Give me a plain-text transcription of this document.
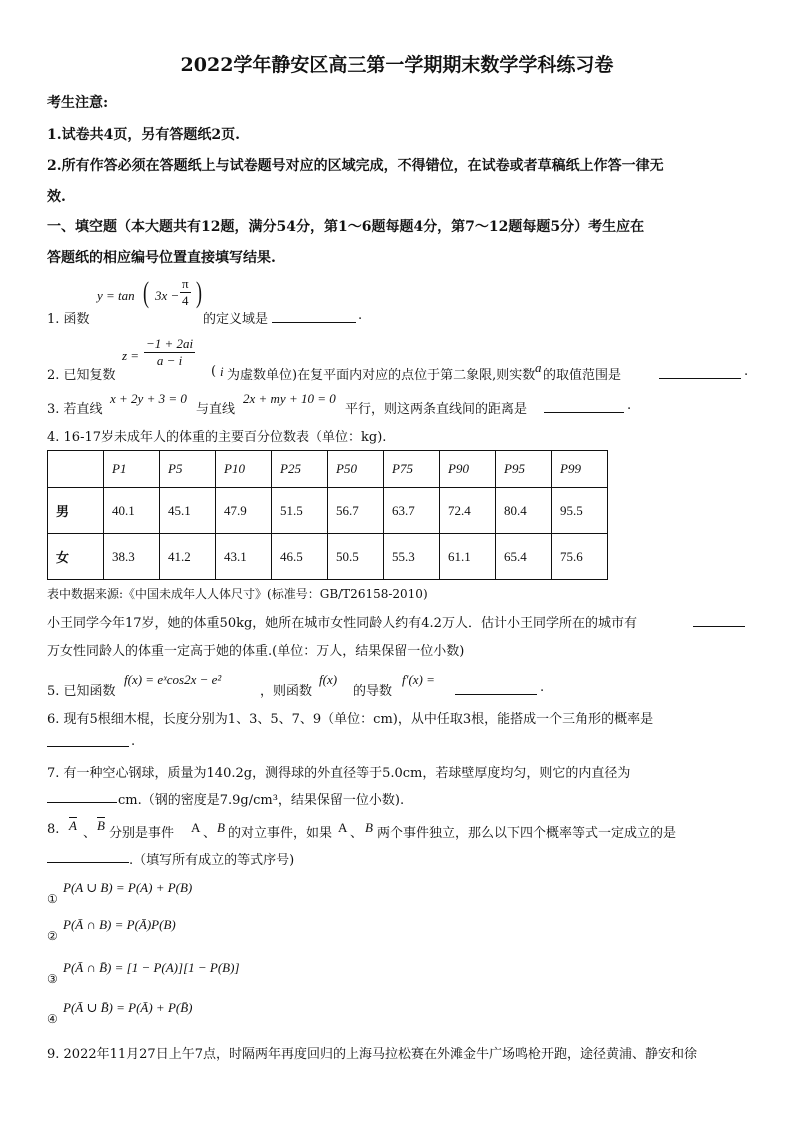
2022学年静安区高三第一学期期末数学学科练习卷
考生注意:
1.试卷共4页，另有答题纸2页.
2.所有作答必须在答题纸上与试卷题号对应的区域完成，不得错位，在试卷或者草稿纸上作答一律无
效.
一、填空题（本大题共有12题，满分54分，第1～6题每题4分，第7～12题每题5分）考生应在
答题纸的相应编号位置直接填写结果.
1. 函数
y = tan ( $3x - \frac{\pi}{4}$ )
的定义域是	.
2. 已知复数
$z = \frac{-1 + 2ai}{a - i}$
( i 为虚数单位)在复平面内对应的点位于第二象限,则实数
a
的取值范围是	.
3. 若直线
x + 2y + 3 = 0
与直线
2x + my + 10 = 0
平行，则这两条直线间的距离是	.
4. 16-17岁未成年人的体重的主要百分位数表（单位：kg).
	P1	P5	P10	P25	P50	P75	P90	P95	P99
男	40.1	45.1	47.9	51.5	56.7	63.7	72.4	80.4	95.5
女	38.3	41.2	43.1	46.5	50.5	55.3	61.1	65.4	75.6
表中数据来源:《中国未成年人人体尺寸》(标准号：GB/T26158-2010)
小王同学今年17岁，她的体重50kg，她所在城市女性同龄人约有4.2万人．估计小王同学所在的城市有
万女性同龄人的体重一定高于她的体重.(单位：万人，结果保留一位小数)
5. 已知函数
f(x) = eˣcos2x − e²
，则函数
f(x)
的导数
f′(x) =
.
6. 现有5根细木棍，长度分别为1、3、5、7、9（单位：cm)，从中任取3根，能搭成一个三角形的概率是
.
7. 有一种空心钢球，质量为140.2g，测得球的外直径等于5.0cm，若球壁厚度均匀，则它的内直径为
cm.（钢的密度是7.9g/cm³，结果保留一位小数).
8. $\overline{A}$
、
$\overline{B}$
分别是事件 A 、 B 的对立事件，如果 A 、 B 两个事件独立，那么以下四个概率等式一定成立的是
.（填写所有成立的等式序号)
①
P(A ∪ B) = P(A) + P(B)
②
P(Ā ∩ B) = P(Ā)P(B)
③
P(Ā ∩ B̄) = [1 − P(A)][1 − P(B)]
④
P(Ā ∪ B̄) = P(Ā) + P(B̄)
9. 2022年11月27日上午7点，时隔两年再度回归的上海马拉松赛在外滩金牛广场鸣枪开跑，途径黄浦、静安和徐
